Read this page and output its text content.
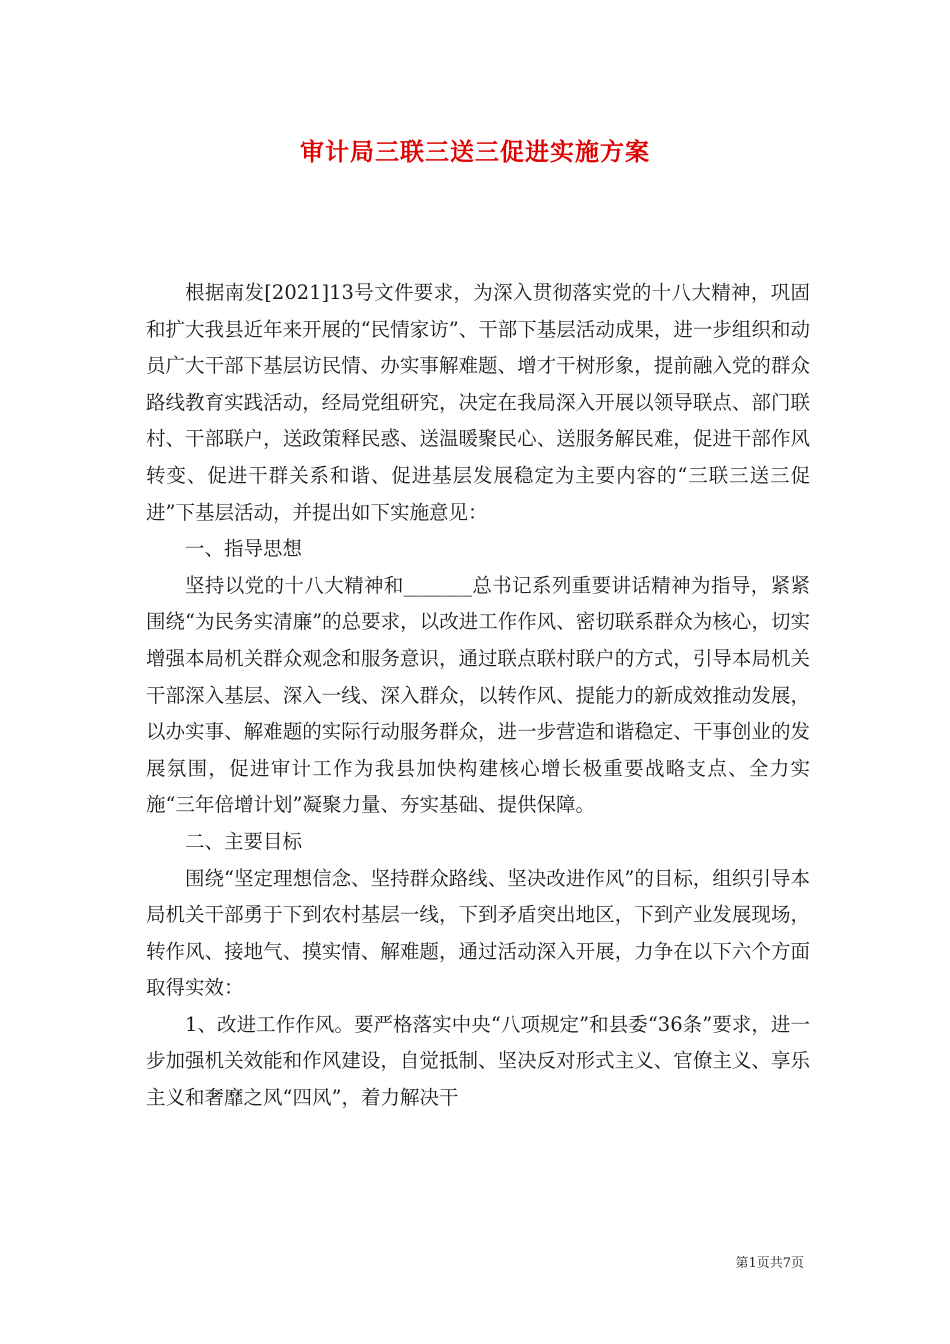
审计局三联三送三促进实施方案

根据南发[2021]13号文件要求，为深入贯彻落实党的十八大精神，巩固和扩大我县近年来开展的“民情家访”、干部下基层活动成果，进一步组织和动员广大干部下基层访民情、办实事解难题、增才干树形象，提前融入党的群众路线教育实践活动，经局党组研究，决定在我局深入开展以领导联点、部门联村、干部联户，送政策释民惑、送温暖聚民心、送服务解民难，促进干部作风转变、促进干群关系和谐、促进基层发展稳定为主要内容的“三联三送三促进”下基层活动，并提出如下实施意见：

一、指导思想

坚持以党的十八大精神和_______总书记系列重要讲话精神为指导，紧紧围绕“为民务实清廉”的总要求，以改进工作作风、密切联系群众为核心，切实增强本局机关群众观念和服务意识，通过联点联村联户的方式，引导本局机关干部深入基层、深入一线、深入群众，以转作风、提能力的新成效推动发展，以办实事、解难题的实际行动服务群众，进一步营造和谐稳定、干事创业的发展氛围，促进审计工作为我县加快构建核心增长极重要战略支点、全力实施“三年倍增计划”凝聚力量、夯实基础、提供保障。

二、主要目标

围绕“坚定理想信念、坚持群众路线、坚决改进作风”的目标，组织引导本局机关干部勇于下到农村基层一线，下到矛盾突出地区，下到产业发展现场，转作风、接地气、摸实情、解难题，通过活动深入开展，力争在以下六个方面取得实效：

1、改进工作作风。要严格落实中央“八项规定”和县委“36条”要求，进一步加强机关效能和作风建设，自觉抵制、坚决反对形式主义、官僚主义、享乐主义和奢靡之风“四风”，着力解决干

第1页共7页
